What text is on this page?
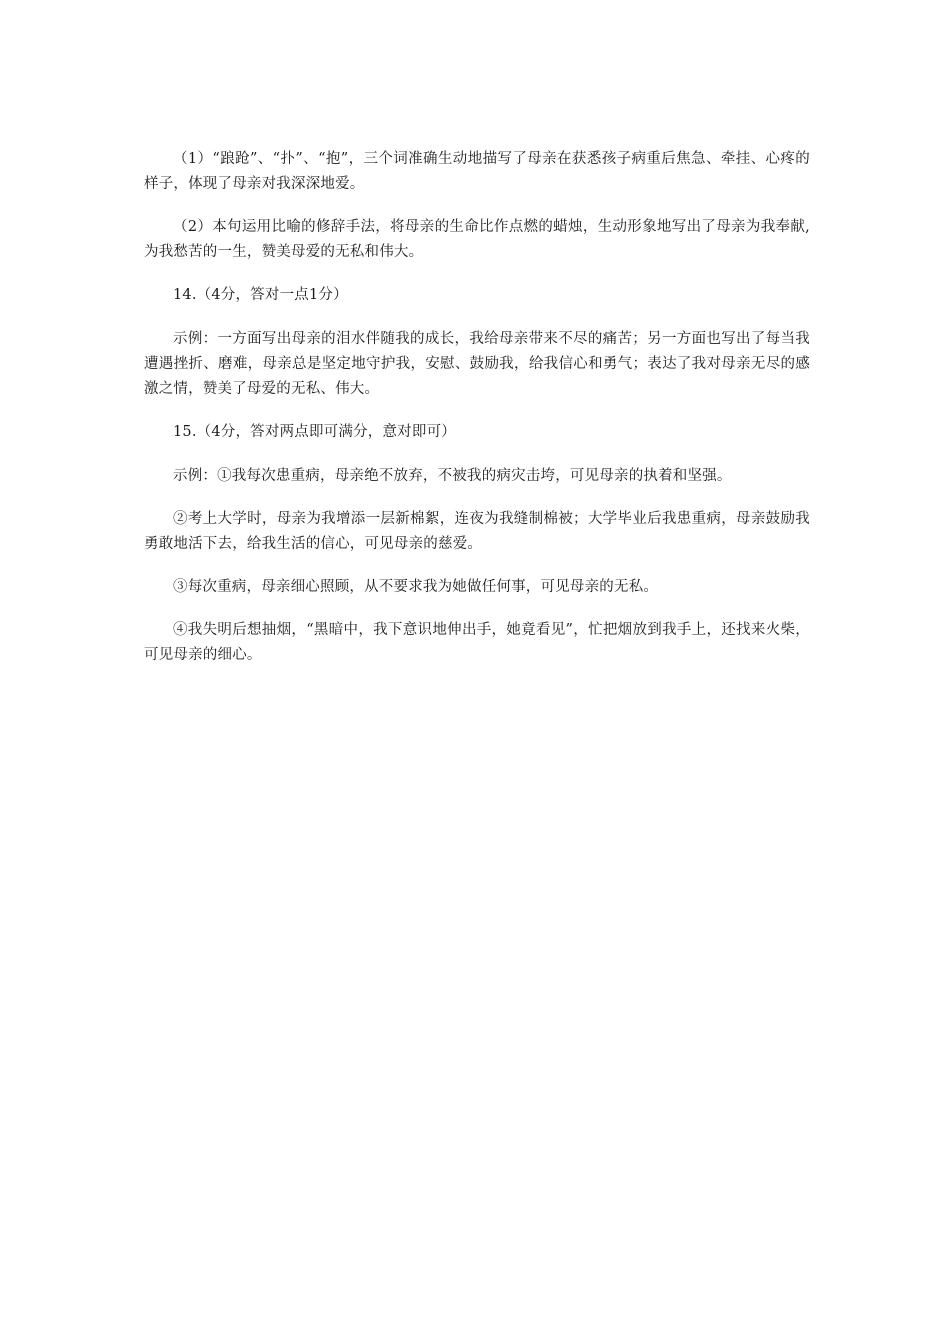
（1）“踉跄”、“扑”、“抱”，三个词准确生动地描写了母亲在获悉孩子病重后焦急、牵挂、心疼的样子，体现了母亲对我深深地爱。

（2）本句运用比喻的修辞手法，将母亲的生命比作点燃的蜡烛，生动形象地写出了母亲为我奉献,为我愁苦的一生，赞美母爱的无私和伟大。

14.（4分，答对一点1分）

示例：一方面写出母亲的泪水伴随我的成长，我给母亲带来不尽的痛苦；另一方面也写出了每当我遭遇挫折、磨难，母亲总是坚定地守护我，安慰、鼓励我，给我信心和勇气；表达了我对母亲无尽的感激之情，赞美了母爱的无私、伟大。

15.（4分，答对两点即可满分，意对即可）

示例：①我每次患重病，母亲绝不放弃，不被我的病灾击垮，可见母亲的执着和坚强。

②考上大学时，母亲为我增添一层新棉絮，连夜为我缝制棉被；大学毕业后我患重病，母亲鼓励我勇敢地活下去，给我生活的信心，可见母亲的慈爱。

③每次重病，母亲细心照顾，从不要求我为她做任何事，可见母亲的无私。

④我失明后想抽烟，“黑暗中，我下意识地伸出手，她竟看见”，忙把烟放到我手上，还找来火柴，可见母亲的细心。
